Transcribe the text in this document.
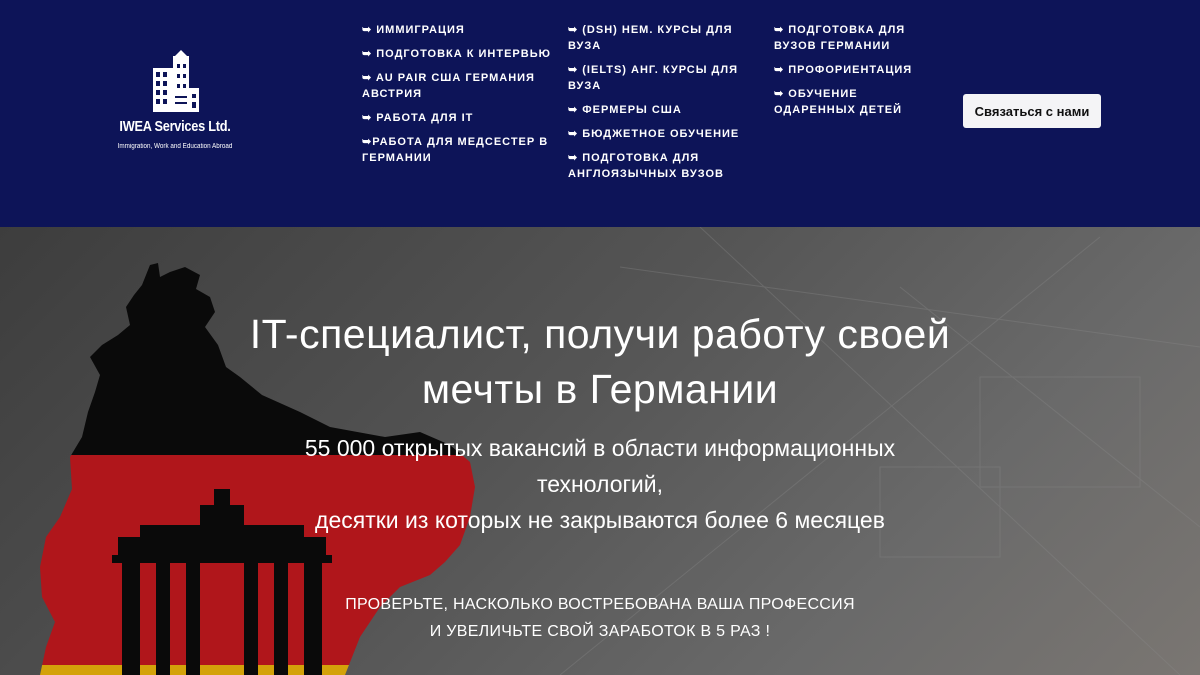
IWEA Services Ltd.
Immigration, Work and Education Abroad
➥ ИММИГРАЦИЯ
➥ ПОДГОТОВКА К ИНТЕРВЬЮ
➥ AU PAIR США ГЕРМАНИЯ АВСТРИЯ
➥ РАБОТА ДЛЯ IT
➥РАБОТА ДЛЯ МЕДСЕСТЕР В ГЕРМАНИИ
➥ (DSH) НЕМ. КУРСЫ ДЛЯ ВУЗА
➥ (IELTS) АНГ. КУРСЫ ДЛЯ ВУЗА
➥ ФЕРМЕРЫ США
➥ БЮДЖЕТНОЕ ОБУЧЕНИЕ
➥ ПОДГОТОВКА ДЛЯ АНГЛОЯЗЫЧНЫХ ВУЗОВ
➥ ПОДГОТОВКА ДЛЯ ВУЗОВ ГЕРМАНИИ
➥ ПРОФОРИЕНТАЦИЯ
➥ ОБУЧЕНИЕ ОДАРЕННЫХ ДЕТЕЙ	Связаться с нами
IT-специалист, получи работу своей
мечты в Германии

55 000 открытых вакансий в области информационных
технологий,
десятки из которых не закрываются более 6 месяцев

ПРОВЕРЬТЕ, НАСКОЛЬКО ВОСТРЕБОВАНА ВАША ПРОФЕССИЯ
И УВЕЛИЧЬТЕ СВОЙ ЗАРАБОТОК В 5 РАЗ !
